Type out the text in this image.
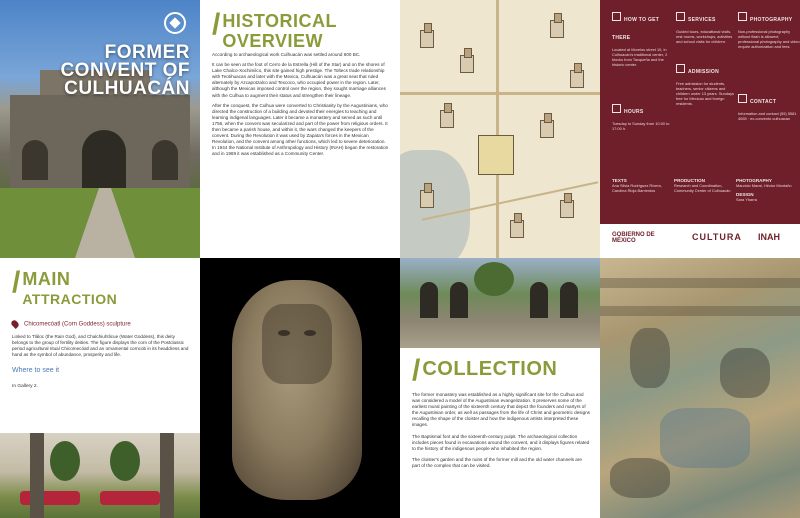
FORMER
CONVENT OF
CULHUACÁN
/ HISTORICAL
OVERVIEW

According to archaeological work Culhuacán was settled around 600 BC.

It can be seen at the foot of Cerro de la Estrella (Hill of the Star) and on the shores of Lake Chalco-Xochimilco, this site gained high prestige. The Toltecs trade relationship with Teotihuacan and later with the Mexica, Culhuacán was a great seat that ruled alternately by Azcapotzalco and Texcoco, who occupied power in the region. Later, although the Mexicas imposed control over the region, they sought marriage alliances with the Culhua to augment their status and strengthen their lineage.

After the conquest, the Culhua were converted to Christianity by the Augustinians, who directed the construction of a building and devoted their energies to teaching and learning indigenal languages. Later it became a monastery and served as such until 1756, when the convent was secularized and part of the power from religious orders. It then became a parish house, and within it, the wars changed the keepers of the convent. During the Revolution it was used by Zapata's forces in the Mexican Revolution, and the convent among other functions, which led to severe deterioration. In 1944 the National Institute of Anthropology and History (INAH) began the restoration and in 1969 it was established as a Community Center.

HOW TO GET THERE
Located at Morelos street 10, in Culhuacán's traditional center, 2 blocks from Taxqueña and the historic center.
SERVICES
Guided tours, educational visits, rest rooms, workshops, activities and school visits for children.
PHOTOGRAPHY
Non-professional photography without flash is allowed; professional photography and video require authorization and fees.
HOURS
Tuesday to Sunday from 10:00 to 17:00 h.
ADMISSION
Free admission for students, teachers, senior citizens and children under 13 years. Sundays free for Mexican and foreign residents.	CONTACT
Information and contact (55) 5581 4065 · ex-convento culhuacan
TEXTS
Ana Silvia Rodríguez Rivera, Carolina Rioja Barrientos
PRODUCTION
Research and Coordination, Community Center of Culhuacán
PHOTOGRAPHY
Mauricio Marat, Héctor Montaño
DESIGN
Sara Ybarra
GOBIERNO DE MÉXICO	CULTURA INAH
/ MAIN
ATTRACTION
Chicomecóatl (Corn Goddess) sculpture

Linked to Tláloc (the Rain God), and Chalchiuhtlicue (Water Goddess), this deity belongs to the group of fertility deities. The figure displays the corn of the Postclassic period agricultural ritual Chicomecóatl and an ornamental corncob in its headdress and hand as the symbol of abundance, prosperity and life.

Where to see it
In Gallery 2.	/ COLLECTION

The former monastery was established as a highly significant site for the Culhua and was considered a model of the Augustinian evangelization. It preserves some of the earliest mural painting of the sixteenth century that depict the founders and martyrs of the Augustinian order, as well as passages from the life of Christ and geometric designs recalling the shape of the cloister and how the indigenous artists interpreted these images.

The Baptismal font and the sixteenth-century pulpit. The archaeological collection includes pieces found in excavations around the convent, and it displays figures related to the history of the indigenous people who inhabited the region.

The cloister's garden and the ruins of the former mill and the old water channels are part of the complex that can be visited.
